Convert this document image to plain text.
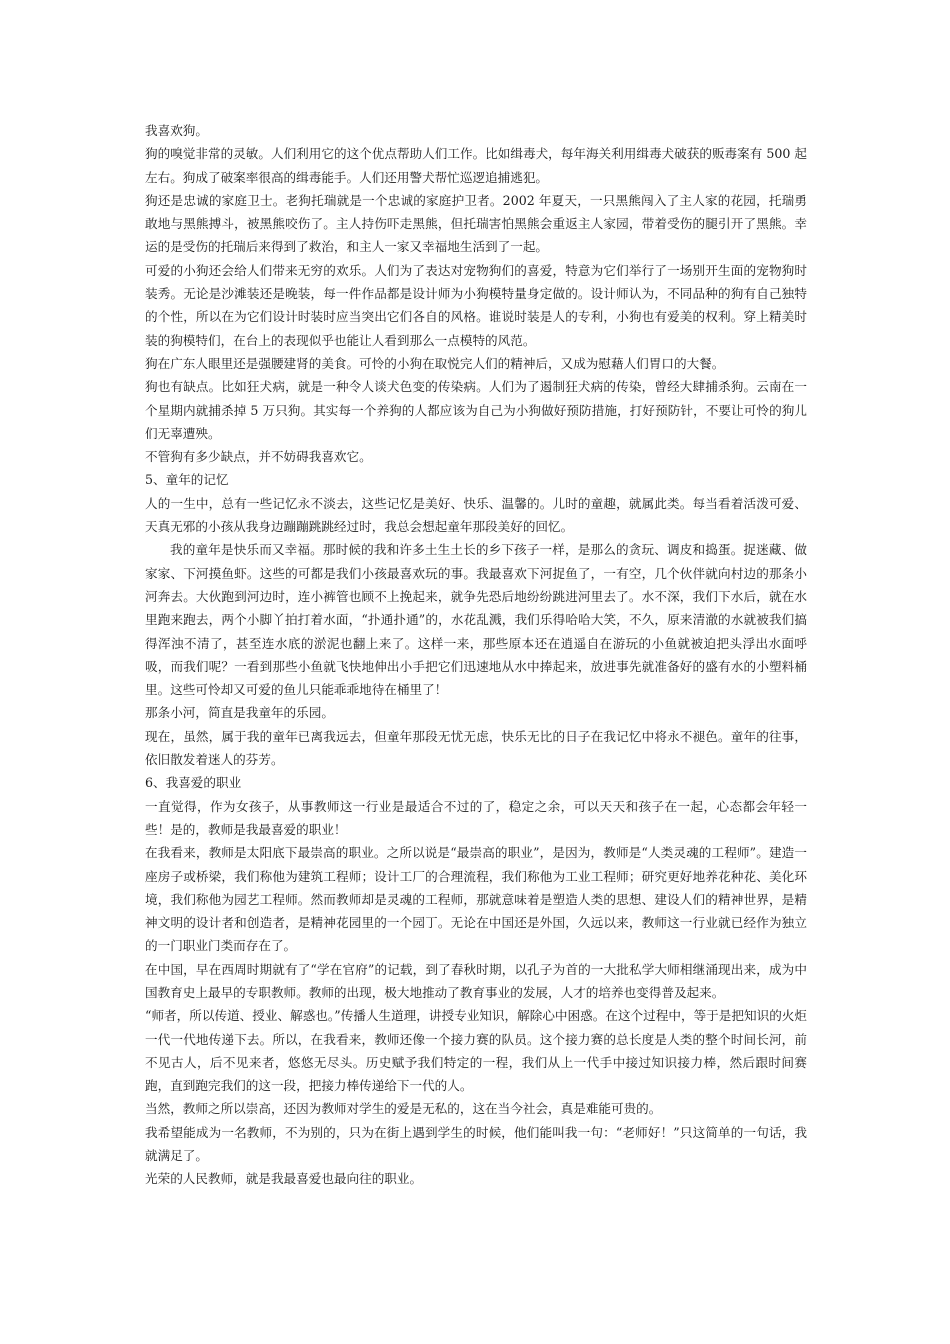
我喜欢狗。

狗的嗅觉非常的灵敏。人们利用它的这个优点帮助人们工作。比如缉毒犬，每年海关利用缉毒犬破获的贩毒案有 500 起左右。狗成了破案率很高的缉毒能手。人们还用警犬帮忙巡逻追捕逃犯。

狗还是忠诚的家庭卫士。老狗托瑞就是一个忠诚的家庭护卫者。2002 年夏天，一只黑熊闯入了主人家的花园，托瑞勇敢地与黑熊搏斗，被黑熊咬伤了。主人持伤吓走黑熊，但托瑞害怕黑熊会重返主人家园，带着受伤的腿引开了黑熊。幸运的是受伤的托瑞后来得到了救治，和主人一家又幸福地生活到了一起。

可爱的小狗还会给人们带来无穷的欢乐。人们为了表达对宠物狗们的喜爱，特意为它们举行了一场别开生面的宠物狗时装秀。无论是沙滩装还是晚装，每一件作品都是设计师为小狗模特量身定做的。设计师认为，不同品种的狗有自己独特的个性，所以在为它们设计时装时应当突出它们各自的风格。谁说时装是人的专利，小狗也有爱美的权利。穿上精美时装的狗模特们，在台上的表现似乎也能让人看到那么一点模特的风范。

狗在广东人眼里还是强腰建肾的美食。可怜的小狗在取悦完人们的精神后，又成为慰藉人们胃口的大餐。

狗也有缺点。比如狂犬病，就是一种令人谈犬色变的传染病。人们为了遏制狂犬病的传染，曾经大肆捕杀狗。云南在一个星期内就捕杀掉 5 万只狗。其实每一个养狗的人都应该为自己为小狗做好预防措施，打好预防针，不要让可怜的狗儿们无辜遭殃。

不管狗有多少缺点，并不妨碍我喜欢它。

5、童年的记忆

人的一生中，总有一些记忆永不淡去，这些记忆是美好、快乐、温馨的。儿时的童趣，就属此类。每当看着活泼可爱、天真无邪的小孩从我身边蹦蹦跳跳经过时，我总会想起童年那段美好的回忆。

我的童年是快乐而又幸福。那时候的我和许多土生土长的乡下孩子一样，是那么的贪玩、调皮和捣蛋。捉迷藏、做家家、下河摸鱼虾。这些的可都是我们小孩最喜欢玩的事。我最喜欢下河捉鱼了，一有空，几个伙伴就向村边的那条小河奔去。大伙跑到河边时，连小裤管也顾不上挽起来，就争先恐后地纷纷跳进河里去了。水不深，我们下水后，就在水里跑来跑去，两个小脚丫拍打着水面，“扑通扑通”的，水花乱溅，我们乐得哈哈大笑，不久，原来清澈的水就被我们搞得浑浊不清了，甚至连水底的淤泥也翻上来了。这样一来，那些原本还在逍遥自在游玩的小鱼就被迫把头浮出水面呼吸，而我们呢？一看到那些小鱼就飞快地伸出小手把它们迅速地从水中捧起来，放进事先就准备好的盛有水的小塑料桶里。这些可怜却又可爱的鱼儿只能乖乖地待在桶里了！

那条小河，简直是我童年的乐园。

现在，虽然，属于我的童年已离我远去，但童年那段无忧无虑，快乐无比的日子在我记忆中将永不褪色。童年的往事，依旧散发着迷人的芬芳。

6、我喜爱的职业

一直觉得，作为女孩子，从事教师这一行业是最适合不过的了，稳定之余，可以天天和孩子在一起，心态都会年轻一些！是的，教师是我最喜爱的职业！

在我看来，教师是太阳底下最崇高的职业。之所以说是“最崇高的职业”，是因为，教师是“人类灵魂的工程师”。建造一座房子或桥梁，我们称他为建筑工程师；设计工厂的合理流程，我们称他为工业工程师；研究更好地养花种花、美化环境，我们称他为园艺工程师。然而教师却是灵魂的工程师，那就意味着是塑造人类的思想、建设人们的精神世界，是精神文明的设计者和创造者，是精神花园里的一个园丁。无论在中国还是外国，久远以来，教师这一行业就已经作为独立的一门职业门类而存在了。

在中国，早在西周时期就有了“学在官府”的记载，到了春秋时期，以孔子为首的一大批私学大师相继涌现出来，成为中国教育史上最早的专职教师。教师的出现，极大地推动了教育事业的发展，人才的培养也变得普及起来。

“师者，所以传道、授业、解惑也。”传播人生道理，讲授专业知识，解除心中困惑。在这个过程中，等于是把知识的火炬一代一代地传递下去。所以，在我看来，教师还像一个接力赛的队员。这个接力赛的总长度是人类的整个时间长河，前不见古人，后不见来者，悠悠无尽头。历史赋予我们特定的一程，我们从上一代手中接过知识接力棒，然后跟时间赛跑，直到跑完我们的这一段，把接力棒传递给下一代的人。

当然，教师之所以崇高，还因为教师对学生的爱是无私的，这在当今社会，真是难能可贵的。

我希望能成为一名教师，不为别的，只为在街上遇到学生的时候，他们能叫我一句：“老师好！”只这简单的一句话，我就满足了。

光荣的人民教师，就是我最喜爱也最向往的职业。
